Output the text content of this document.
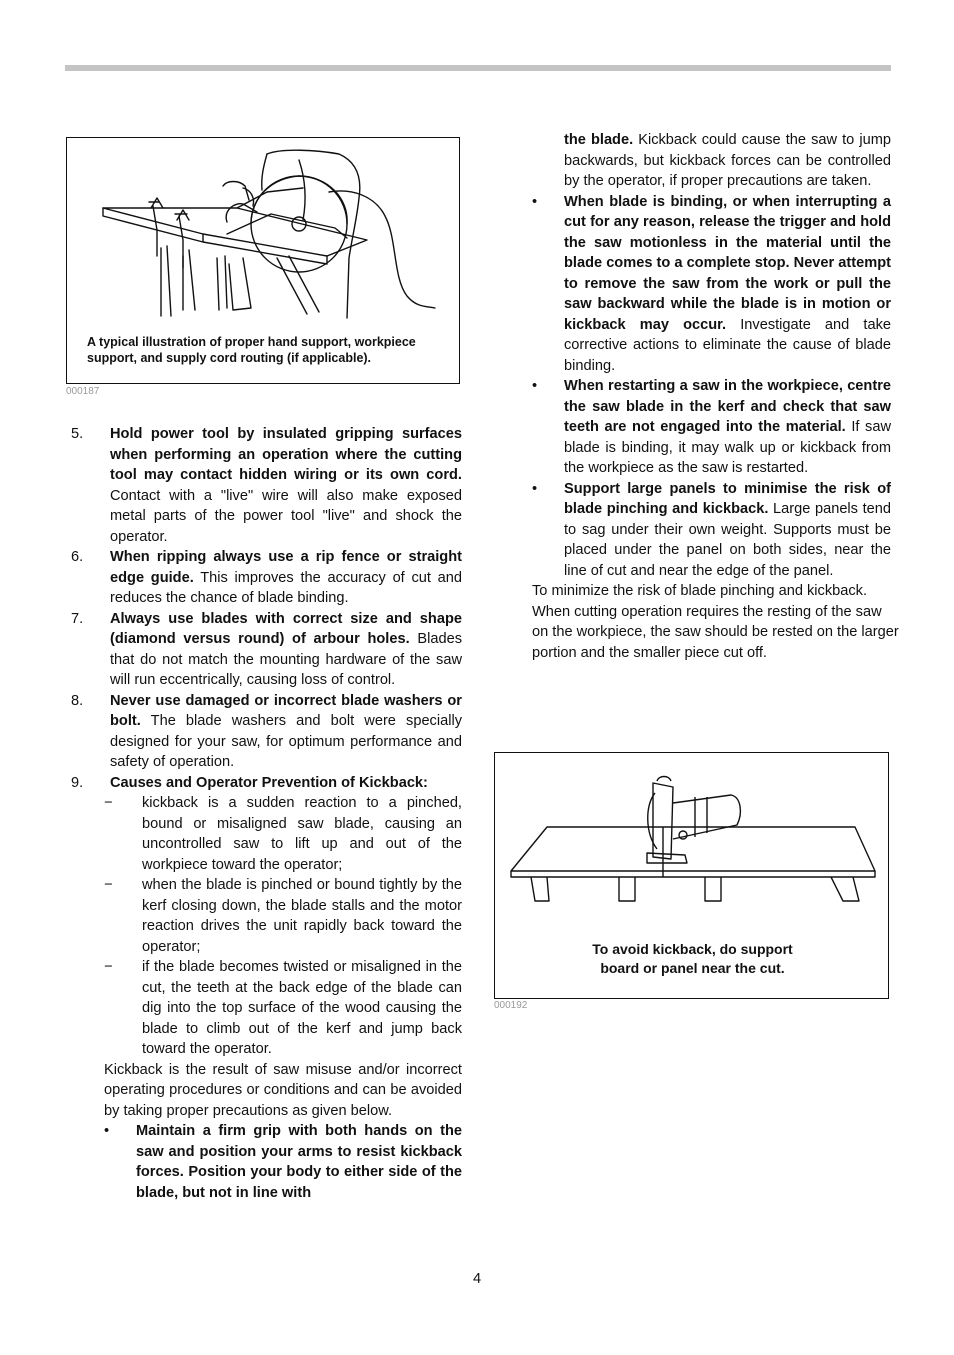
A typical illustration of proper hand support, workpiece support, and supply cord routing (if applicable).
000187
5. Hold power tool by insulated gripping surfaces when performing an operation where the cutting tool may contact hidden wiring or its own cord. Contact with a "live" wire will also make exposed metal parts of the power tool "live" and shock the operator.
6. When ripping always use a rip fence or straight edge guide. This improves the accuracy of cut and reduces the chance of blade binding.
7. Always use blades with correct size and shape (diamond versus round) of arbour holes. Blades that do not match the mounting hardware of the saw will run eccentrically, causing loss of control.
8. Never use damaged or incorrect blade washers or bolt. The blade washers and bolt were specially designed for your saw, for optimum performance and safety of operation.
9. Causes and Operator Prevention of Kickback:
− kickback is a sudden reaction to a pinched, bound or misaligned saw blade, causing an uncontrolled saw to lift up and out of the workpiece toward the operator;
− when the blade is pinched or bound tightly by the kerf closing down, the blade stalls and the motor reaction drives the unit rapidly back toward the operator;
− if the blade becomes twisted or misaligned in the cut, the teeth at the back edge of the blade can dig into the top surface of the wood causing the blade to climb out of the kerf and jump back toward the operator.

Kickback is the result of saw misuse and/or incorrect operating procedures or conditions and can be avoided by taking proper precautions as given below.

• Maintain a firm grip with both hands on the saw and position your arms to resist kickback forces. Position your body to either side of the blade, but not in line with

the blade. Kickback could cause the saw to jump backwards, but kickback forces can be controlled by the operator, if proper precautions are taken.

• When blade is binding, or when interrupting a cut for any reason, release the trigger and hold the saw motionless in the material until the blade comes to a complete stop. Never attempt to remove the saw from the work or pull the saw backward while the blade is in motion or kickback may occur. Investigate and take corrective actions to eliminate the cause of blade binding.
• When restarting a saw in the workpiece, centre the saw blade in the kerf and check that saw teeth are not engaged into the material. If saw blade is binding, it may walk up or kickback from the workpiece as the saw is restarted.
• Support large panels to minimise the risk of blade pinching and kickback. Large panels tend to sag under their own weight. Supports must be placed under the panel on both sides, near the line of cut and near the edge of the panel.

To minimize the risk of blade pinching and kickback. When cutting operation requires the resting of the saw on the workpiece, the saw should be rested on the larger portion and the smaller piece cut off.

To avoid kickback, do support
board or panel near the cut.
000192
4
